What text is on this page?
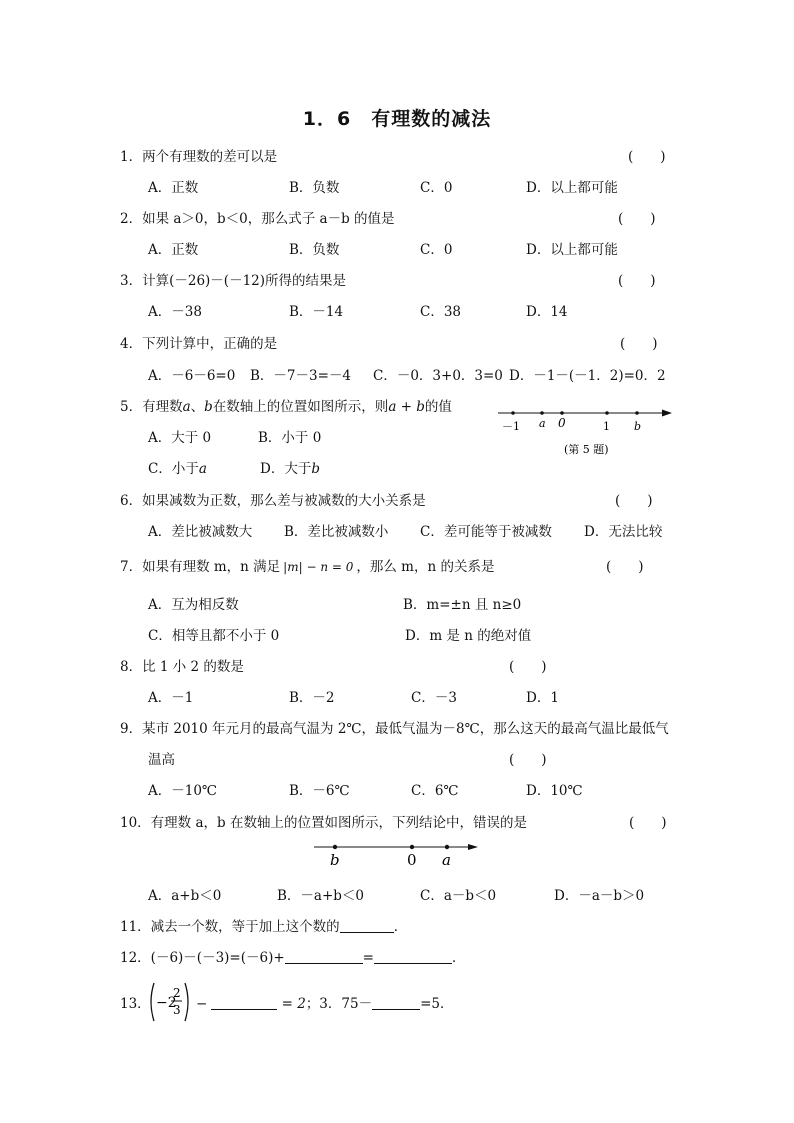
1．6　有理数的减法
1．两个有理数的差可以是	(　　)
A．正数	B．负数	C．0	D．以上都可能
2．如果 a＞0，b＜0，那么式子 a－b 的值是	(　　)
A．正数	B．负数	C．0	D．以上都可能
3．计算(－26)－(－12)所得的结果是	(　　)
A．－38	B．－14	C．38	D．14
4．下列计算中，正确的是	(　　)
A．－6－6=0 B．－7－3=－4 C．－0．3+0．3=0 D．－1－(－1．2)=0．2
5．有理数a、b在数轴上的位置如图所示，则a + b的值
A．大于 0	B．小于 0
C．小于a	D．大于b
－1 a 0	1 b
(第 5 题)
6．如果减数为正数，那么差与被减数的大小关系是	(　　)
A．差比被减数大 B．差比被减数小 C．差可能等于被减数 D．无法比较
7．如果有理数 m，n 满足 |m| − n = 0 ，那么 m，n 的关系是	(　　)
A．互为相反数	B．m=±n 且 n≥0
C．相等且都不小于 0	D．m 是 n 的绝对值
8．比 1 小 2 的数是	(　　)
A．－1	B．－2	C．－3	D．1
9．某市 2010 年元月的最高气温为 2℃，最低气温为－8℃，那么这天的最高气温比最低气
温高	(　　)
A．－10℃	B．－6℃	C．6℃	D．10℃
10．有理数 a，b 在数轴上的位置如图所示，下列结论中，错误的是	(　　)
b	0 a
A．a+b＜0	B．－a+b＜0	C．a－b＜0	D．－a－b＞0
11．减去一个数，等于加上这个数的	．
12．(－6)－(－3)=(－6)+	=	．
13． −2
2
3 −	= 2；3．75－	=5．
